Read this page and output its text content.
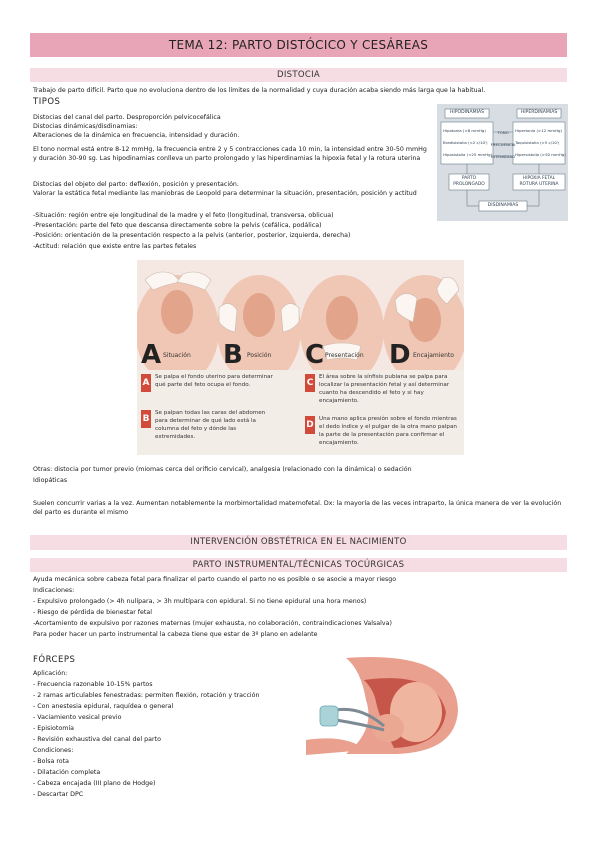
TEMA 12: PARTO DISTÓCICO Y CESÁREAS
DISTOCIA
Trabajo de parto difícil. Parto que no evoluciona dentro de los límites de la normalidad y cuya duración acaba siendo más larga que la habitual.
TIPOS
Distocias del canal del parto. Desproporción pelvicocefálica
Distocias dinámicas/disdinamias:
Alteraciones de la dinámica en frecuencia, intensidad y duración.
El tono normal está entre 8-12 mmHg, la frecuencia entre 2 y 5 contracciones cada 10 min, la intensidad entre 30-50 mmHg y duración 30-90 sg. Las hipodinamias conlleva un parto prolongado y las hiperdinamias la hipoxia fetal y la rotura uterina
Distocias del objeto del parto: deflexión, posición y presentación.
Valorar la estática fetal mediante las maniobras de Leopold para determinar la situación, presentación, posición y actitud
-Situación: región entre eje longitudinal de la madre y el feto (longitudinal, transversa, oblicua)
-Presentación: parte del feto que descansa directamente sobre la pelvis (cefálica, podálica)
-Posición: orientación de la presentación respecto a la pelvis (anterior, posterior, izquierda, derecha)
-Actitud: relación que existe entre las partes fetales
HIPODINAMIAS	HIPERDINAMIAS
Hipotonía (<8 mmHg)
Bradisistolia (<2 c/10')
Hiposistolia (<25 mmHg)
Hipertonía (>12 mmHg)
Taquisistolia (>5 c/10')
Hipersistolia (>50 mmHg)
TONO
FRECUENCIA
INTENSIDAD
PARTO
PROLONGADO
HIPOXIA FETAL
ROTURA UTERINA
DISDINAMIAS
A Situación B Posición C Presentación D Encajamiento
A
Se palpa el fondo uterino para determinar qué parte del feto ocupa el fondo.
B
Se palpan todas las caras del abdomen para determinar de qué lado está la columna del feto y dónde las extremidades.
C
El área sobre la sínfisis pubiana se palpa para localizar la presentación fetal y así determinar cuanto ha descendido el feto y si hay encajamiento.
D
Una mano aplica presión sobre el fondo mientras el dedo índice y el pulgar de la otra mano palpan la parte de la presentación para confirmar el encajamiento.
Otras: distocia por tumor previo (miomas cerca del orificio cervical), analgesia (relacionado con la dinámica) o sedación
Idiopáticas
Suelen concurrir varias a la vez. Aumentan notablemente la morbimortalidad maternofetal. Dx: la mayoría de las veces intraparto, la única manera de ver la evolución del parto es durante el mismo
INTERVENCIÓN OBSTÉTRICA EN EL NACIMIENTO
PARTO INSTRUMENTAL/TÉCNICAS TOCÚRGICAS
Ayuda mecánica sobre cabeza fetal para finalizar el parto cuando el parto no es posible o se asocie a mayor riesgo
Indicaciones:
- Expulsivo prolongado (> 4h nulípara, > 3h multípara con epidural. Si no tiene epidural una hora menos)
- Riesgo de pérdida de bienestar fetal
-Acortamiento de expulsivo por razones maternas (mujer exhausta, no colaboración, contraindicaciones Valsalva)
Para poder hacer un parto instrumental la cabeza tiene que estar de 3º plano en adelante
FÓRCEPS
Aplicación:
- Frecuencia razonable 10-15% partos
- 2 ramas articulables fenestradas: permiten flexión, rotación y tracción
- Con anestesia epidural, raquídea o general
- Vaciamiento vesical previo
- Episiotomía
- Revisión exhaustiva del canal del parto
Condiciones:
- Bolsa rota
- Dilatación completa
- Cabeza encajada (III plano de Hodge)
- Descartar DPC
